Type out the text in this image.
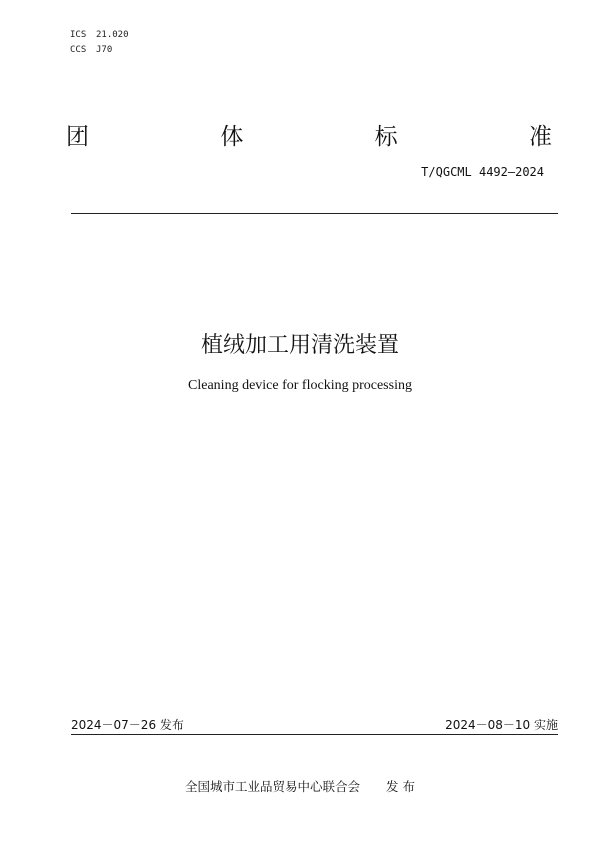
ICS 21.020
CCS J70
团	体	标	准
T/QGCML 4492—2024
植绒加工用清洗装置
Cleaning device for flocking processing
2024－07－26 发布	2024－08－10 实施
全国城市工业品贸易中心联合会 发 布
